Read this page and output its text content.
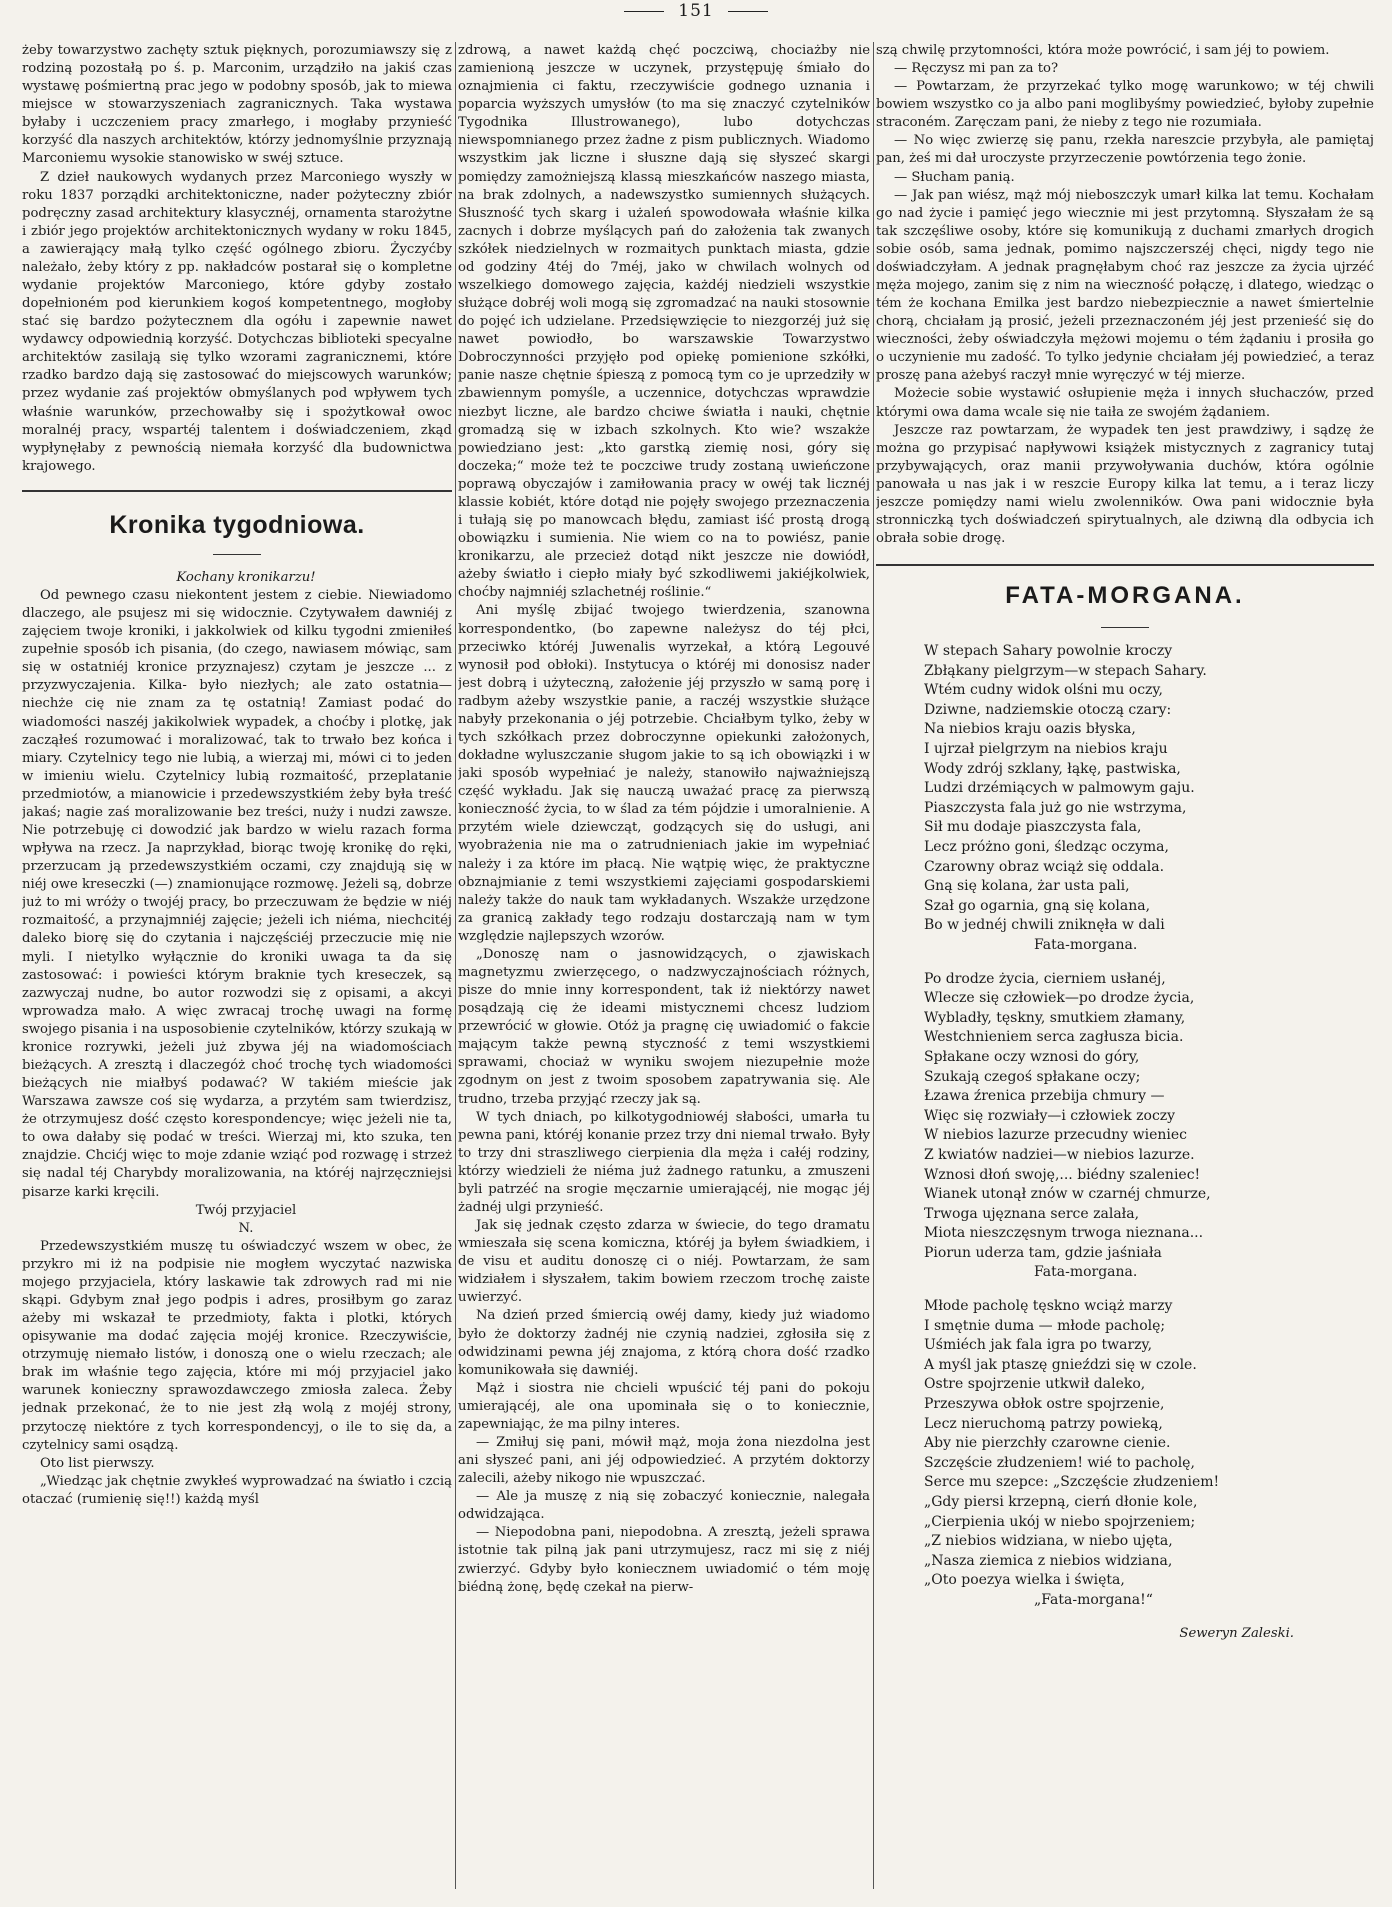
151

żeby towarzystwo zachęty sztuk pięknych, porozumiawszy się z rodziną pozostałą po ś. p. Marconim, urządziło na jakiś czas wystawę pośmiertną prac jego w podobny sposób, jak to miewa miejsce w stowarzyszeniach zagranicznych. Taka wystawa byłaby i uczczeniem pracy zmarłego, i mogłaby przynieść korzyść dla naszych architektów, którzy jednomyślnie przyznają Marconiemu wysokie stanowisko w swéj sztuce.

Z dzieł naukowych wydanych przez Marconiego wyszły w roku 1837 porządki architektoniczne, nader pożyteczny zbiór podręczny zasad architektury klasycznéj, ornamenta starożytne i zbiór jego projektów architektonicznych wydany w roku 1845, a zawierający małą tylko część ogólnego zbioru. Życzyćby należało, żeby który z pp. nakładców postarał się o kompletne wydanie projektów Marconiego, które gdyby zostało dopełnioném pod kierunkiem kogoś kompetentnego, mogłoby stać się bardzo pożytecznem dla ogółu i zapewnie nawet wydawcy odpowiednią korzyść. Dotychczas biblioteki specyalne architektów zasilają się tylko wzorami zagranicznemi, które rzadko bardzo dają się zastosować do miejscowych warunków; przez wydanie zaś projektów obmyślanych pod wpływem tych właśnie warunków, przechowałby się i spożytkował owoc moralnéj pracy, wspartéj talentem i doświadczeniem, zkąd wypłynęłaby z pewnością niemała korzyść dla budownictwa krajowego.

Kronika tygodniowa.

Kochany kronikarzu!

Od pewnego czasu niekontent jestem z ciebie. Niewiadomo dlaczego, ale psujesz mi się widocznie. Czytywałem dawniéj z zajęciem twoje kroniki, i jakkolwiek od kilku tygodni zmieniłeś zupełnie sposób ich pisania, (do czego, nawiasem mówiąc, sam się w ostatniéj kronice przyznajesz) czytam je jeszcze ... z przyzwyczajenia. Kilka- było niezłych; ale zato ostatnia— niechże cię nie znam za tę ostatnią! Zamiast podać do wiadomości naszéj jakikolwiek wypadek, a choćby i plotkę, jak zacząłeś rozumować i moralizować, tak to trwało bez końca i miary. Czytelnicy tego nie lubią, a wierzaj mi, mówi ci to jeden w imieniu wielu. Czytelnicy lubią rozmaitość, przeplatanie przedmiotów, a mianowicie i przedewszystkiém żeby była treść jakaś; nagie zaś moralizowanie bez treści, nuży i nudzi zawsze. Nie potrzebuję ci dowodzić jak bardzo w wielu razach forma wpływa na rzecz. Ja naprzykład, biorąc twoję kronikę do ręki, przerzucam ją przedewszystkiém oczami, czy znajdują się w niéj owe kreseczki (—) znamionujące rozmowę. Jeżeli są, dobrze już to mi wróży o twojéj pracy, bo przeczuwam że będzie w niéj rozmaitość, a przynajmniéj zajęcie; jeżeli ich niéma, niechcitéj daleko biorę się do czytania i najczęściéj przeczucie mię nie myli. I nietylko wyłącznie do kroniki uwaga ta da się zastosować: i powieści którym braknie tych kreseczek, są zazwyczaj nudne, bo autor rozwodzi się z opisami, a akcyi wprowadza mało. A więc zwracaj trochę uwagi na formę swojego pisania i na usposobienie czytelników, którzy szukają w kronice rozrywki, jeżeli już zbywa jéj na wiadomościach bieżących. A zresztą i dlaczegóż choć trochę tych wiadomości bieżących nie miałbyś podawać? W takiém mieście jak Warszawa zawsze coś się wydarza, a przytém sam twierdzisz, że otrzymujesz dość często korespondencye; więc jeżeli nie ta, to owa dałaby się podać w treści. Wierzaj mi, kto szuka, ten znajdzie. Chcićj więc to moje zdanie wziąć pod rozwagę i strzeż się nadal téj Charybdy moralizowania, na któréj najrzęczniejsi pisarze karki kręcili.

Twój przyjaciel

N.

Przedewszystkiém muszę tu oświadczyć wszem w obec, że przykro mi iż na podpisie nie mogłem wyczytać nazwiska mojego przyjaciela, który laskawie tak zdrowych rad mi nie skąpi. Gdybym znał jego podpis i adres, prosiłbym go zaraz ażeby mi wskazał te przedmioty, fakta i plotki, których opisywanie ma dodać zajęcia mojéj kronice. Rzeczywiście, otrzymuję niemało listów, i donoszą one o wielu rzeczach; ale brak im właśnie tego zajęcia, które mi mój przyjaciel jako warunek konieczny sprawozdawczego zmiosła zaleca. Żeby jednak przekonać, że to nie jest złą wolą z mojéj strony, przytoczę niektóre z tych korrespondencyj, o ile to się da, a czytelnicy sami osądzą.

Oto list pierwszy.

„Wiedząc jak chętnie zwykłeś wyprowadzać na światło i czcią otaczać (rumienię się!!) każdą myśl

zdrową, a nawet każdą chęć poczciwą, chociażby nie zamienioną jeszcze w uczynek, przystępuję śmiało do oznajmienia ci faktu, rzeczywiście godnego uznania i poparcia wyższych umysłów (to ma się znaczyć czytelników Tygodnika Illustrowanego), lubo dotychczas niewspomnianego przez żadne z pism publicznych. Wiadomo wszystkim jak liczne i słuszne dają się słyszeć skargi pomiędzy zamożniejszą klassą mieszkańców naszego miasta, na brak zdolnych, a nadewszystko sumiennych służących. Słuszność tych skarg i użaleń spowodowała właśnie kilka zacnych i dobrze myślących pań do założenia tak zwanych szkółek niedzielnych w rozmaitych punktach miasta, gdzie od godziny 4téj do 7méj, jako w chwilach wolnych od wszelkiego domowego zajęcia, każdéj niedzieli wszystkie służące dobréj woli mogą się zgromadzać na nauki stosownie do pojęć ich udzielane. Przedsięwzięcie to niezgorzéj już się nawet powiodło, bo warszawskie Towarzystwo Dobroczynności przyjęło pod opiekę pomienione szkółki, panie nasze chętnie śpieszą z pomocą tym co je uprzedziły w zbawiennym pomyśle, a uczennice, dotychczas wprawdzie niezbyt liczne, ale bardzo chciwe światła i nauki, chętnie gromadzą się w izbach szkolnych. Kto wie? wszakże powiedziano jest: „kto garstką ziemię nosi, góry się doczeka;“ może też te poczciwe trudy zostaną uwieńczone poprawą obyczajów i zamiłowania pracy w owéj tak licznéj klassie kobiét, które dotąd nie pojęły swojego przeznaczenia i tułają się po manowcach błędu, zamiast iść prostą drogą obowiązku i sumienia. Nie wiem co na to powiész, panie kronikarzu, ale przecież dotąd nikt jeszcze nie dowiódł, ażeby światło i ciepło miały być szkodliwemi jakiéjkolwiek, choćby najmniéj szlachetnéj roślinie.“

Ani myślę zbijać twojego twierdzenia, szanowna korrespondentko, (bo zapewne należysz do téj płci, przeciwko któréj Juwenalis wyrzekał, a którą Legouvé wynosił pod obłoki). Instytucya o któréj mi donosisz nader jest dobrą i użyteczną, założenie jéj przyszło w samą porę i radbym ażeby wszystkie panie, a raczéj wszystkie służące nabyły przekonania o jéj potrzebie. Chciałbym tylko, żeby w tych szkółkach przez dobroczynne opiekunki założonych, dokładne wyluszczanie sługom jakie to są ich obowiązki i w jaki sposób wypełniać je należy, stanowiło najważniejszą część wykładu. Jak się nauczą uważać pracę za pierwszą konieczność życia, to w ślad za tém pójdzie i umoralnienie. A przytém wiele dziewcząt, godzących się do usługi, ani wyobrażenia nie ma o zatrudnieniach jakie im wypełniać należy i za które im płacą. Nie wątpię więc, że praktyczne obznajmianie z temi wszystkiemi zajęciami gospodarskiemi należy także do nauk tam wykładanych. Wszakże urzędzone za granicą zakłady tego rodzaju dostarczają nam w tym względzie najlepszych wzorów.

„Donoszę nam o jasnowidzących, o zjawiskach magnetyzmu zwierzęcego, o nadzwyczajnościach różnych, pisze do mnie inny korrespondent, tak iż niektórzy nawet posądzają cię że ideami mistycznemi chcesz ludziom przewrócić w głowie. Otóż ja pragnę cię uwiadomić o fakcie mającym także pewną styczność z temi wszystkiemi sprawami, chociaż w wyniku swojem niezupełnie może zgodnym on jest z twoim sposobem zapatrywania się. Ale trudno, trzeba przyjąć rzeczy jak są.

W tych dniach, po kilkotygodniowéj słabości, umarła tu pewna pani, któréj konanie przez trzy dni niemal trwało. Były to trzy dni straszliwego cierpienia dla męża i całéj rodziny, którzy wiedzieli że niéma już żadnego ratunku, a zmuszeni byli patrzéć na srogie męczarnie umierającéj, nie mogąc jéj żadnéj ulgi przynieść.

Jak się jednak często zdarza w świecie, do tego dramatu wmieszała się scena komiczna, któréj ja byłem świadkiem, i de visu et auditu donoszę ci o niéj. Powtarzam, że sam widziałem i słyszałem, takim bowiem rzeczom trochę zaiste uwierzyć.

Na dzień przed śmiercią owéj damy, kiedy już wiadomo było że doktorzy żadnéj nie czynią nadziei, zgłosiła się z odwidzinami pewna jéj znajoma, z którą chora dość rzadko komunikowała się dawniéj.

Mąż i siostra nie chcieli wpuścić téj pani do pokoju umierającéj, ale ona upominała się o to koniecznie, zapewniając, że ma pilny interes.

— Zmiłuj się pani, mówił mąż, moja żona niezdolna jest ani słyszeć pani, ani jéj odpowiedzieć. A przytém doktorzy zalecili, ażeby nikogo nie wpuszczać.

— Ale ja muszę z nią się zobaczyć koniecznie, nalegała odwidzająca.

— Niepodobna pani, niepodobna. A zresztą, jeżeli sprawa istotnie tak pilną jak pani utrzymujesz, racz mi się z niéj zwierzyć. Gdyby było koniecznem uwiadomić o tém moję biédną żonę, będę czekał na pierw-

szą chwilę przytomności, która może powrócić, i sam jéj to powiem.

— Ręczysz mi pan za to?

— Powtarzam, że przyrzekać tylko mogę warunkowo; w téj chwili bowiem wszystko co ja albo pani moglibyśmy powiedzieć, byłoby zupełnie straconém. Zaręczam pani, że nieby z tego nie rozumiała.

— No więc zwierzę się panu, rzekła nareszcie przybyła, ale pamiętaj pan, żeś mi dał uroczyste przyrzeczenie powtórzenia tego żonie.

— Słucham panią.

— Jak pan wiész, mąż mój nieboszczyk umarł kilka lat temu. Kochałam go nad życie i pamięć jego wiecznie mi jest przytomną. Słyszałam że są tak szczęśliwe osoby, które się komunikują z duchami zmarłych drogich sobie osób, sama jednak, pomimo najszczerszéj chęci, nigdy tego nie doświadczyłam. A jednak pragnęłabym choć raz jeszcze za życia ujrzéć męża mojego, zanim się z nim na wieczność połączę, i dlatego, wiedząc o tém że kochana Emilka jest bardzo niebezpiecznie a nawet śmiertelnie chorą, chciałam ją prosić, jeżeli przeznaczoném jéj jest przenieść się do wieczności, żeby oświadczyła mężowi mojemu o tém żądaniu i prosiła go o uczynienie mu zadość. To tylko jedynie chciałam jéj powiedzieć, a teraz proszę pana ażebyś raczył mnie wyręczyć w téj mierze.

Możecie sobie wystawić osłupienie męża i innych słuchaczów, przed którymi owa dama wcale się nie taiła ze swojém żądaniem.

Jeszcze raz powtarzam, że wypadek ten jest prawdziwy, i sądzę że można go przypisać napływowi książek mistycznych z zagranicy tutaj przybywających, oraz manii przywoływania duchów, która ogólnie panowała u nas jak i w reszcie Europy kilka lat temu, a i teraz liczy jeszcze pomiędzy nami wielu zwolenników. Owa pani widocznie była stronniczką tych doświadczeń spirytualnych, ale dziwną dla odbycia ich obrała sobie drogę.

FATA-MORGANA.
W stepach Sahary powolnie kroczy
Zbłąkany pielgrzym—w stepach Sahary.
Wtém cudny widok olśni mu oczy,
Dziwne, nadziemskie otoczą czary:
Na niebios kraju oazis błyska,
I ujrzał pielgrzym na niebios kraju
Wody zdrój szklany, łąkę, pastwiska,
Ludzi drzémiących w palmowym gaju.
Piaszczysta fala już go nie wstrzyma,
Sił mu dodaje piaszczysta fala,
Lecz próżno goni, śledząc oczyma,
Czarowny obraz wciąż się oddala.
Gną się kolana, żar usta pali,
Szał go ogarnia, gną się kolana,
Bo w jednéj chwili zniknęła w dali
Fata-morgana.
Po drodze życia, cierniem usłanéj,
Wlecze się człowiek—po drodze życia,
Wybladły, tęskny, smutkiem złamany,
Westchnieniem serca zagłusza bicia.
Spłakane oczy wznosi do góry,
Szukają czegoś spłakane oczy;
Łzawa źrenica przebija chmury —
Więc się rozwiały—i człowiek zoczy
W niebios lazurze przecudny wieniec
Z kwiatów nadziei—w niebios lazurze.
Wznosi dłoń swoję,... biédny szaleniec!
Wianek utonął znów w czarnéj chmurze,
Trwoga ujęznana serce zalała,
Miota nieszczęsnym trwoga nieznana...
Piorun uderza tam, gdzie jaśniała
Fata-morgana.
Młode pacholę tęskno wciąż marzy
I smętnie duma — młode pacholę;
Uśmiéch jak fala igra po twarzy,
A myśl jak ptaszę gnieździ się w czole.
Ostre spojrzenie utkwił daleko,
Przeszywa obłok ostre spojrzenie,
Lecz nieruchomą patrzy powieką,
Aby nie pierzchły czarowne cienie.
Szczęście złudzeniem! wié to pacholę,
Serce mu szepce: „Szczęście złudzeniem!
„Gdy piersi krzepną, cierń dłonie kole,
„Cierpienia ukój w niebo spojrzeniem;
„Z niebios widziana, w niebo ujęta,
„Nasza ziemica z niebios widziana,
„Oto poezya wielka i święta,
„Fata-morgana!“

Seweryn Zaleski.
